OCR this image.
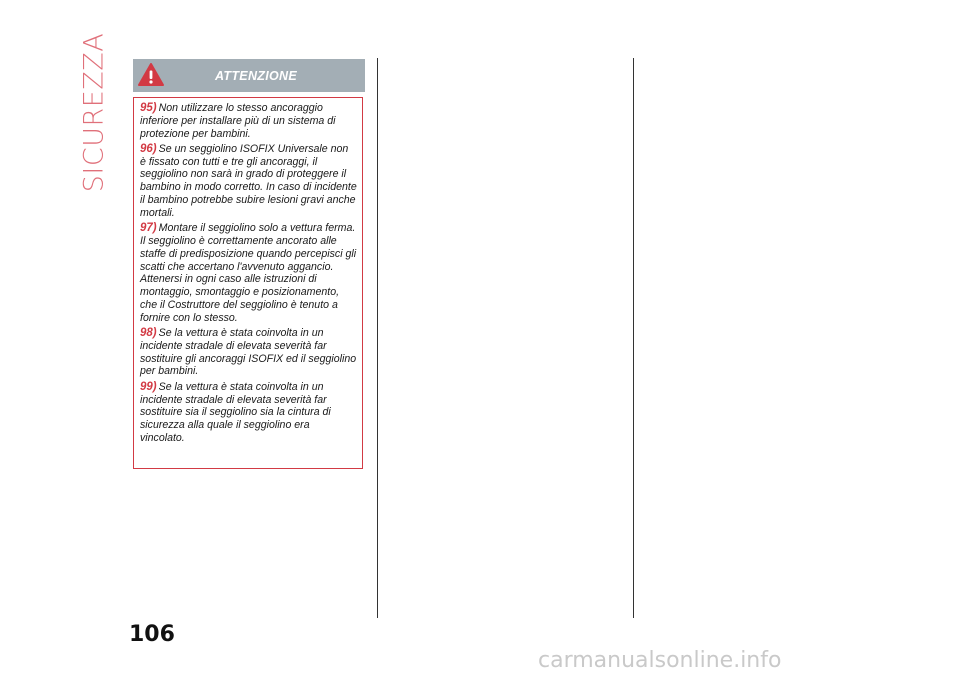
SICUREZZA	ATTENZIONE

95) Non utilizzare lo stesso ancoraggio inferiore per installare più di un sistema di protezione per bambini.

96) Se un seggiolino ISOFIX Universale non è fissato con tutti e tre gli ancoraggi, il seggiolino non sarà in grado di proteggere il bambino in modo corretto. In caso di incidente il bambino potrebbe subire lesioni gravi anche mortali.

97) Montare il seggiolino solo a vettura ferma. Il seggiolino è correttamente ancorato alle staffe di predisposizione quando percepisci gli scatti che accertano l'avvenuto aggancio. Attenersi in ogni caso alle istruzioni di montaggio, smontaggio e posizionamento, che il Costruttore del seggiolino è tenuto a fornire con lo stesso.

98) Se la vettura è stata coinvolta in un incidente stradale di elevata severità far sostituire gli ancoraggi ISOFIX ed il seggiolino per bambini.

99) Se la vettura è stata coinvolta in un incidente stradale di elevata severità far sostituire sia il seggiolino sia la cintura di sicurezza alla quale il seggiolino era vincolato.

106
carmanualsonline.info
